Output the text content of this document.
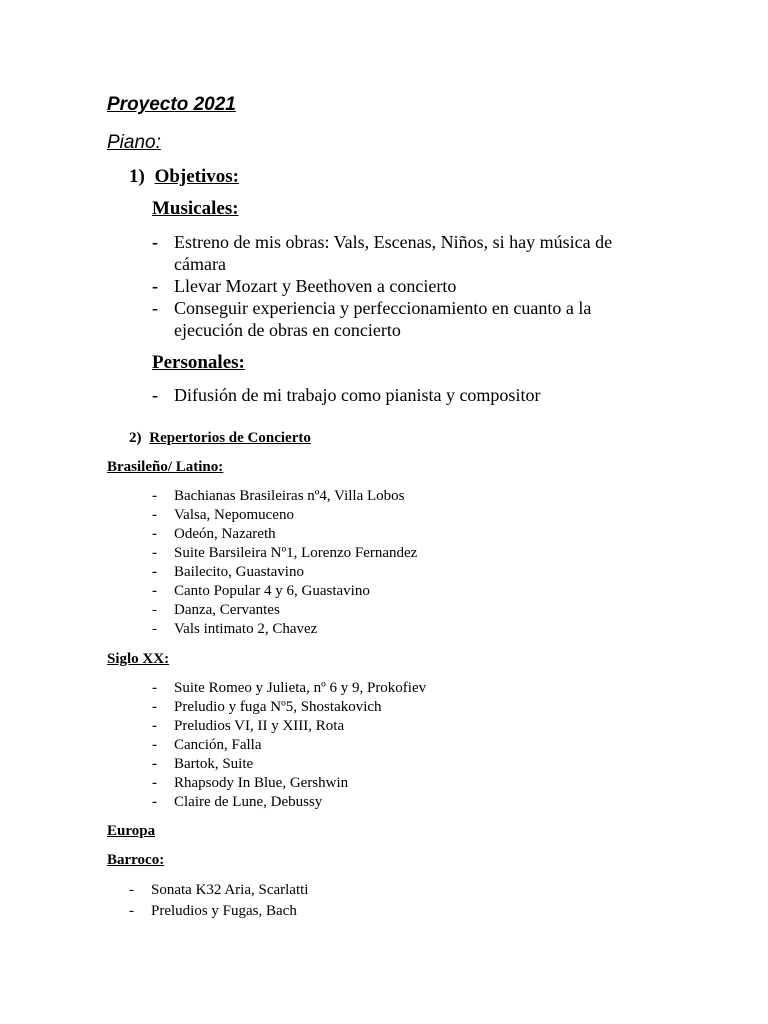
Proyecto 2021
Piano:
1) Objetivos:
Musicales:
- Estreno de mis obras: Vals, Escenas, Niños, si hay música de
cámara
- Llevar Mozart y Beethoven a concierto
- Conseguir experiencia y perfeccionamiento en cuanto a la
ejecución de obras en concierto
Personales:
- Difusión de mi trabajo como pianista y compositor
2) Repertorios de Concierto
Brasileño/ Latino:
- Bachianas Brasileiras nº4, Villa Lobos
- Valsa, Nepomuceno
- Odeón, Nazareth
- Suite Barsileira Nº1, Lorenzo Fernandez
- Bailecito, Guastavino
- Canto Popular 4 y 6, Guastavino
- Danza, Cervantes
- Vals intimato 2, Chavez
Siglo XX:
- Suite Romeo y Julieta, nº 6 y 9, Prokofiev
- Preludio y fuga Nº5, Shostakovich
- Preludios VI, II y XIII, Rota
- Canción, Falla
- Bartok, Suite
- Rhapsody In Blue, Gershwin
- Claire de Lune, Debussy
Europa
Barroco:
- Sonata K32 Aria, Scarlatti
- Preludios y Fugas, Bach
